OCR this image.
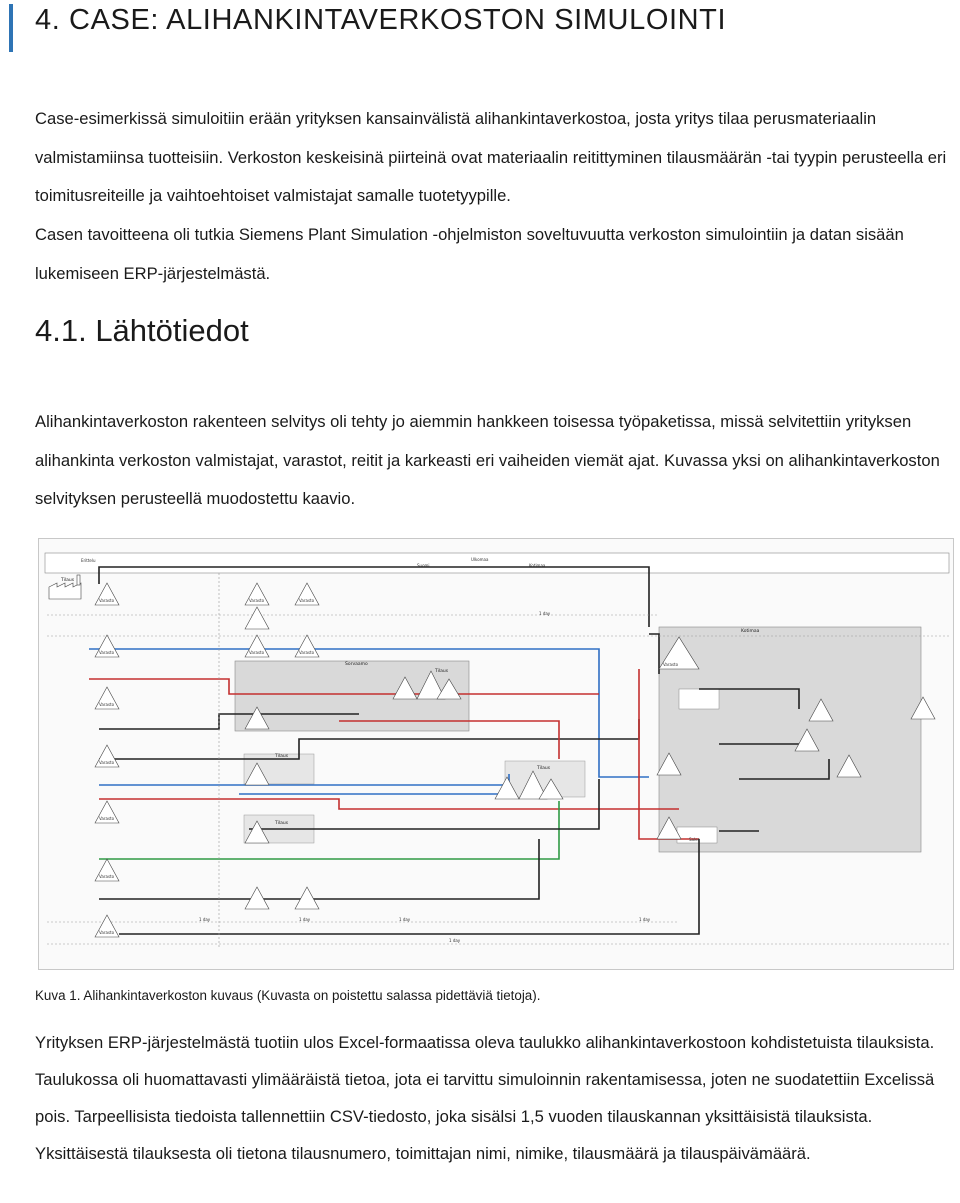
4. CASE: ALIHANKINTAVERKOSTON SIMULOINTI

Case-esimerkissä simuloitiin erään yrityksen kansainvälistä alihankintaverkostoa, josta yritys tilaa perusmateriaalin valmistamiinsa tuotteisiin. Verkoston keskeisinä piirteinä ovat materiaalin reitittyminen tilausmäärän -tai tyypin perusteella eri toimitusreiteille ja vaihtoehtoiset valmistajat samalle tuotetyypille.

Casen tavoitteena oli tutkia Siemens Plant Simulation -ohjelmiston soveltuvuutta verkoston simulointiin ja datan sisään lukemiseen ERP-järjestelmästä.

4.1. Lähtötiedot

Alihankintaverkoston rakenteen selvitys oli tehty jo aiemmin hankkeen toisessa työpaketissa, missä selvitettiin yrityksen alihankinta verkoston valmistajat, varastot, reitit ja karkeasti eri vaiheiden viemät ajat. Kuvassa yksi on alihankintaverkoston selvityksen perusteellä muodostettu kaavio.

Erittelu	Ulkomaa
Suomi	Kotimaa
Tilaus
Tilaus
Tilaus
Tilaus
Tilaus
Sorvaamo
Kotimaa
1 day	1 day	1 day	1 day
1 day
1 day
Sales
Varasto
Varasto
Varasto
Varasto
Varasto
Varasto
Varasto
Varasto
Varasto
Varasto
Varasto
Varasto

Kuva 1. Alihankintaverkoston kuvaus (Kuvasta on poistettu salassa pidettäviä tietoja).

Yrityksen ERP-järjestelmästä tuotiin ulos Excel-formaatissa oleva taulukko alihankintaverkostoon kohdistetuista tilauksista. Taulukossa oli huomattavasti ylimääräistä tietoa, jota ei tarvittu simuloinnin rakentamisessa, joten ne suodatettiin Excelissä pois. Tarpeellisista tiedoista tallennettiin CSV-tiedosto, joka sisälsi 1,5 vuoden tilauskannan yksittäisistä tilauksista. Yksittäisestä tilauksesta oli tietona tilausnumero, toimittajan nimi, nimike, tilausmäärä ja tilauspäivämäärä.
